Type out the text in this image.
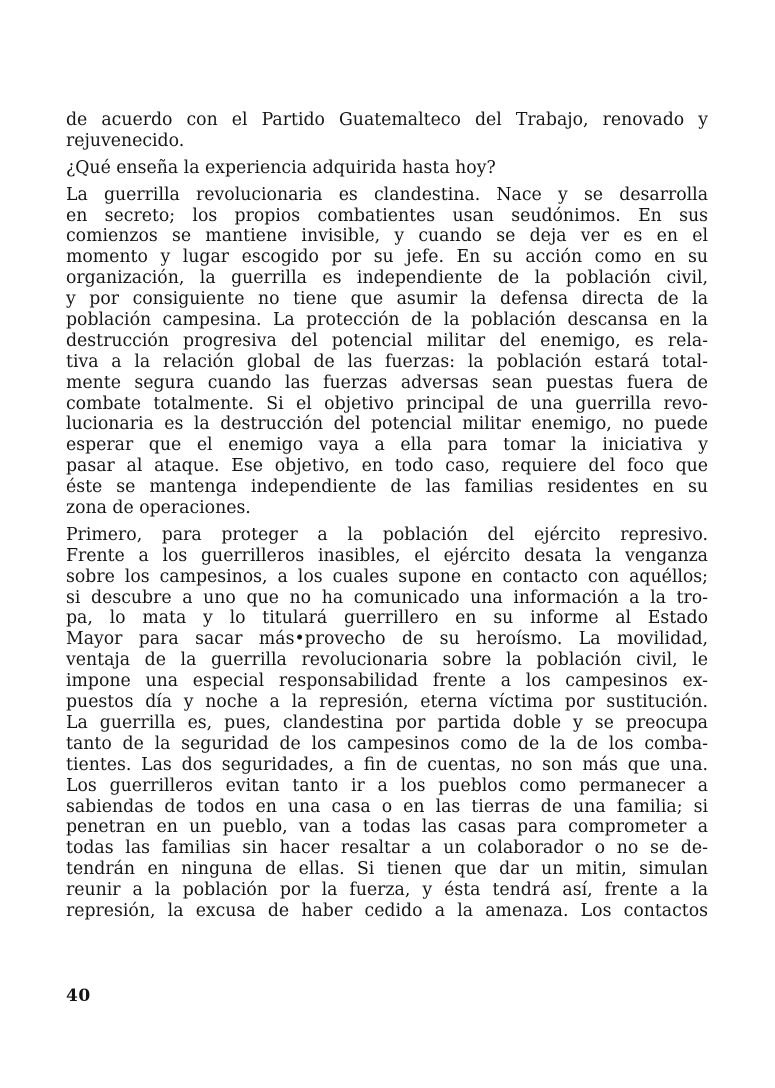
de acuerdo con el Partido Guatemalteco del Trabajo, renovado y
rejuvenecido.
¿Qué enseña la experiencia adquirida hasta hoy?
La guerrilla revolucionaria es clandestina. Nace y se desarrolla
en secreto; los propios combatientes usan seudónimos. En sus
comienzos se mantiene invisible, y cuando se deja ver es en el
momento y lugar escogido por su jefe. En su acción como en su
organización, la guerrilla es independiente de la población civil,
y por consiguiente no tiene que asumir la defensa directa de la
población campesina. La protección de la población descansa en la
destrucción progresiva del potencial militar del enemigo, es rela-
tiva a la relación global de las fuerzas: la población estará total-
mente segura cuando las fuerzas adversas sean puestas fuera de
combate totalmente. Si el objetivo principal de una guerrilla revo-
lucionaria es la destrucción del potencial militar enemigo, no puede
esperar que el enemigo vaya a ella para tomar la iniciativa y
pasar al ataque. Ese objetivo, en todo caso, requiere del foco que
éste se mantenga independiente de las familias residentes en su
zona de operaciones.
Primero, para proteger a la población del ejército represivo.
Frente a los guerrilleros inasibles, el ejército desata la venganza
sobre los campesinos, a los cuales supone en contacto con aquéllos;
si descubre a uno que no ha comunicado una información a la tro-
pa, lo mata y lo titulará guerrillero en su informe al Estado
Mayor para sacar más•provecho de su heroísmo. La movilidad,
ventaja de la guerrilla revolucionaria sobre la población civil, le
impone una especial responsabilidad frente a los campesinos ex-
puestos día y noche a la represión, eterna víctima por sustitución.
La guerrilla es, pues, clandestina por partida doble y se preocupa
tanto de la seguridad de los campesinos como de la de los comba-
tientes. Las dos seguridades, a fin de cuentas, no son más que una.
Los guerrilleros evitan tanto ir a los pueblos como permanecer a
sabiendas de todos en una casa o en las tierras de una familia; si
penetran en un pueblo, van a todas las casas para comprometer a
todas las familias sin hacer resaltar a un colaborador o no se de-
tendrán en ninguna de ellas. Si tienen que dar un mitin, simulan
reunir a la población por la fuerza, y ésta tendrá así, frente a la
represión, la excusa de haber cedido a la amenaza. Los contactos
40
